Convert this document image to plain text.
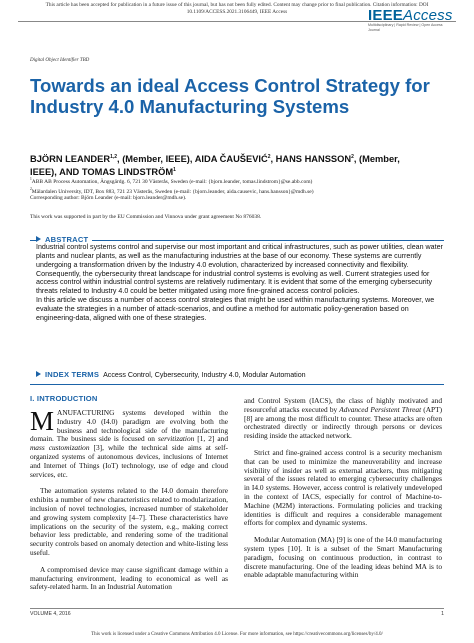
This article has been accepted for publication in a future issue of this journal, but has not been fully edited. Content may change prior to final publication. Citation information: DOI
10.1109/ACCESS.2021.3106449, IEEE Access	IEEEAccess
Multidisciplinary | Rapid Review | Open Access Journal
Digital Object Identifier TBD
Towards an ideal Access Control Strategy for Industry 4.0 Manufacturing Systems
BJÖRN LEANDER$^{1,2}$, (Member, IEEE), AIDA ČAUŠEVIĆ$^2$, HANS HANSSON$^2$, (Member,
IEEE), AND TOMAS LINDSTRÖM$^1$
$^1$ABB AB Process Automation, Ängsgärdg. 6, 721 30 Västerås, Sweden (e-mail: {bjorn.leander, tomas.lindstrom}@se.abb.com)
$^2$Mälardalen University, IDT, Box 883, 721 23 Västerås, Sweden (e-mail: {bjorn.leander, aida.causevic, hans.hansson}@mdh.se)
Corresponding author: Björn Leander (e-mail: bjorn.leander@mdh.se).
This work was supported in part by the EU Commission and Vinnova under grant agreement No 876038.
ABSTRACT

Industrial control systems control and supervise our most important and critical infrastructures, such as power utilities, clean water plants and nuclear plants, as well as the manufacturing industries at the base of our economy. These systems are currently undergoing a transformation driven by the Industry 4.0 evolution, characterized by increased connectivity and flexibility.

Consequently, the cybersecurity threat landscape for industrial control systems is evolving as well. Current strategies used for access control within industrial control systems are relatively rudimentary. It is evident that some of the emerging cybersecurity threats related to Industry 4.0 could be better mitigated using more fine-grained access control policies.

In this article we discuss a number of access control strategies that might be used within manufacturing systems. Moreover, we evaluate the strategies in a number of attack-scenarios, and outline a method for automatic policy-generation based on engineering-data, aligned with one of these strategies.

INDEX TERMS Access Control, Cybersecurity, Industry 4.0, Modular Automation
I. INTRODUCTION

MANUFACTURING systems developed within the Industry 4.0 (I4.0) paradigm are evolving both the business and technological side of the manufacturing domain. The business side is focused on servitization [1, 2] and mass customization [3], while the technical side aims at self-organized systems of autonomous devices, inclusions of Internet and Internet of Things (IoT) technology, use of edge and cloud services, etc.

The automation systems related to the I4.0 domain therefore exhibits a number of new characteristics related to modularization, inclusion of novel technologies, increased number of stakeholder and growing system complexity [4–7]. These characteristics have implications on the security of the system, e.g., making correct behavior less predictable, and rendering some of the traditional security controls based on anomaly detection and white-listing less useful.

A compromised device may cause significant damage within a manufacturing environment, leading to economical as well as safety-related harm. In an Industrial Automation

and Control System (IACS), the class of highly motivated and resourceful attacks executed by Advanced Persistent Threat (APT) [8] are among the most difficult to counter. These attacks are often orchestrated directly or indirectly through persons or devices residing inside the attacked network.

Strict and fine-grained access control is a security mechanism that can be used to minimize the maneuverability and increase visibility of insider as well as external attackers, thus mitigating several of the issues related to emerging cybersecurity challenges in I4.0 systems. However, access control is relatively undeveloped in the context of IACS, especially for control of Machine-to-Machine (M2M) interactions. Formulating policies and tracking identities is difficult and requires a considerable management efforts for complex and dynamic systems.

Modular Automation (MA) [9] is one of the I4.0 manufacturing system types [10]. It is a subset of the Smart Manufacturing paradigm, focusing on continuous production, in contrast to discrete manufacturing. One of the leading ideas behind MA is to enable adaptable manufacturing within

VOLUME 4, 2016	1
This work is licensed under a Creative Commons Attribution 4.0 License. For more information, see https://creativecommons.org/licenses/by/4.0/
